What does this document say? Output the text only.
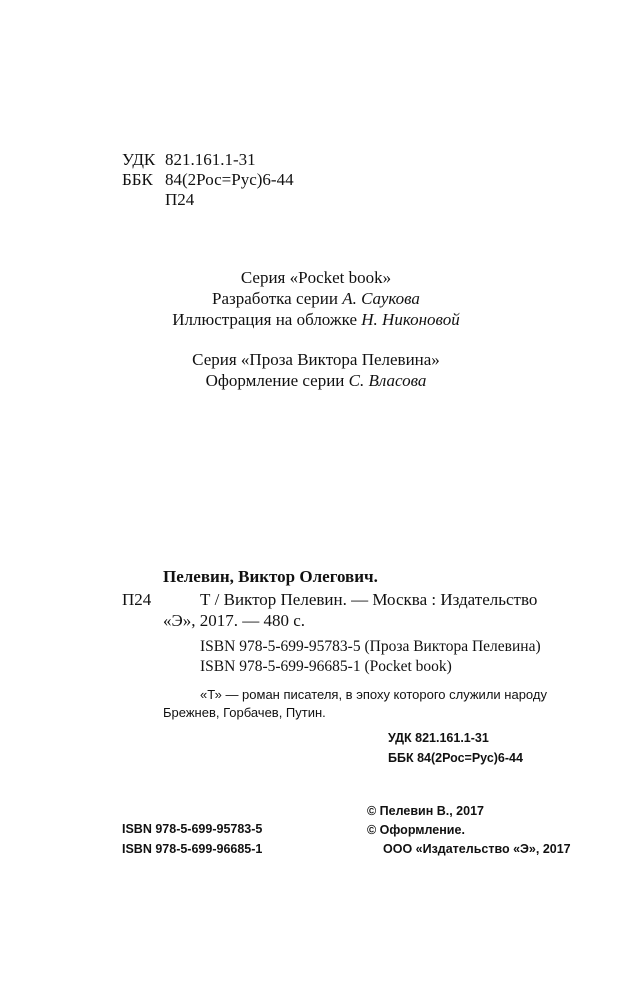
УДК 821.161.1-31
ББК 84(2Рос=Рус)6-44
П24
Серия «Pocket book»
Разработка серии А. Саукова
Иллюстрация на обложке Н. Никоновой
Серия «Проза Виктора Пелевина»
Оформление серии С. Власова
Пелевин, Виктор Олегович.
П24	Т / Виктор Пелевин. — Москва : Издательство
«Э», 2017. — 480 с.
ISBN 978-5-699-95783-5 (Проза Виктора Пелевина)
ISBN 978-5-699-96685-1 (Pocket book)
«Т» — роман писателя, в эпоху которого служили народу
Брежнев, Горбачев, Путин.
УДК 821.161.1-31
ББК 84(2Рос=Рус)6-44
ISBN 978-5-699-95783-5
ISBN 978-5-699-96685-1
© Пелевин В., 2017
© Оформление.
ООО «Издательство «Э», 2017
